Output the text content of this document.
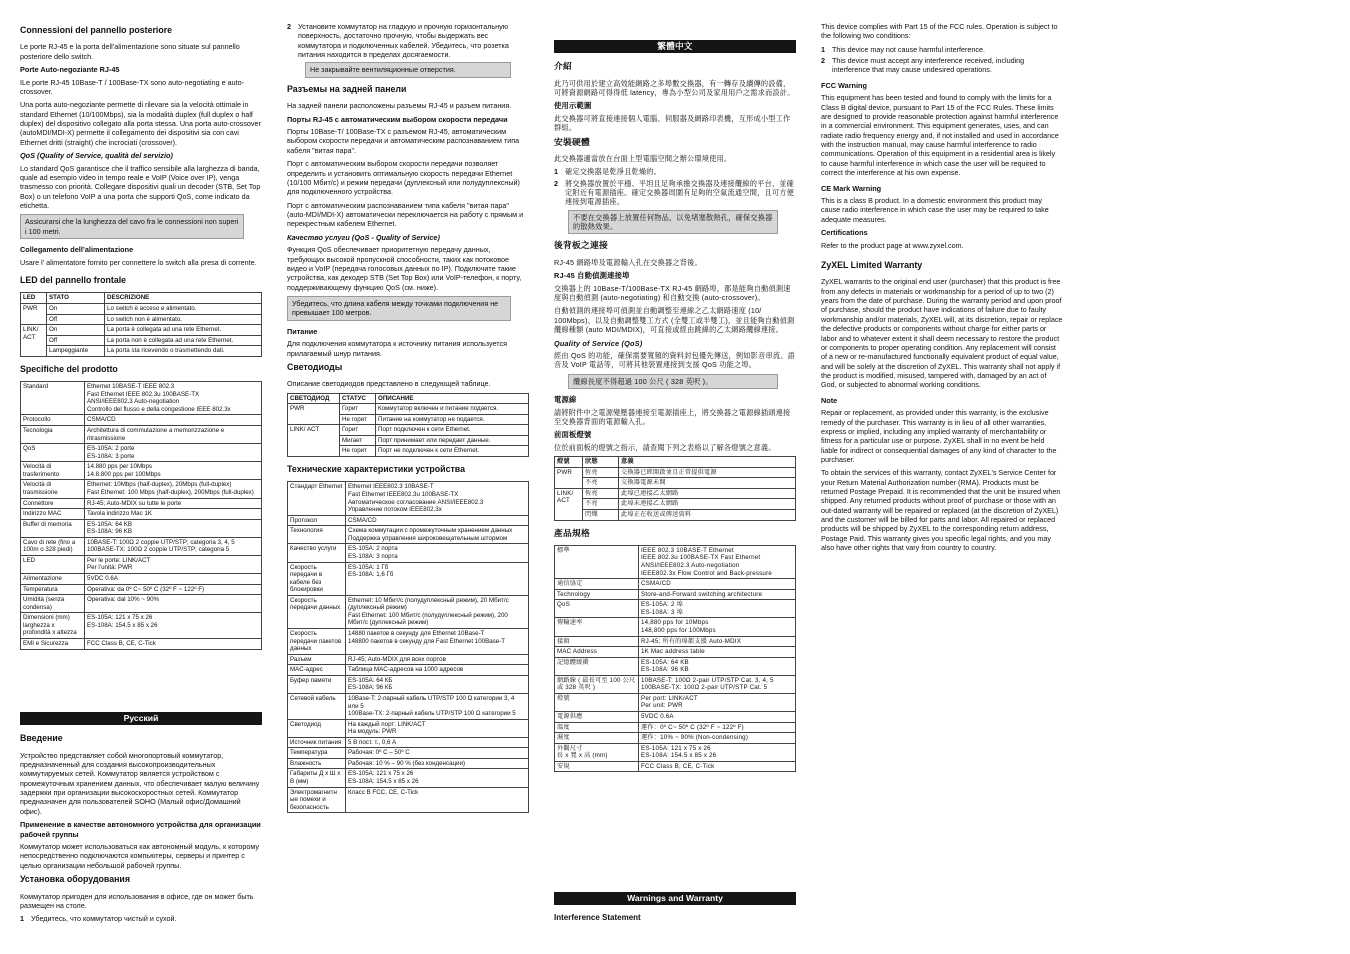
Connessioni del pannello posteriore

Le porte RJ-45 e la porta dell’alimentazione sono situate sul pannello posteriore dello switch.

Porte Auto-negoziante RJ-45

ILe porte RJ-45 10Base-T / 100Base-TX sono auto-negotiating e auto-crossover.

Una porta auto-negoziante permette di rilevare sia la velocità ottimale in standard Ethernet (10/100Mbps), sia la modalità duplex (full duplex o half duplex) del dispositivo collegato alla porta stessa. Una porta auto-crossover (autoMDI/MDI-X) permette il collegamento dei dispositivi sia con cavi Ethernet dritti (straight) che incrociati (crossover).

QoS (Quality of Service, qualità del servizio)

Lo standard QoS garantisce che il traffico sensibile alla larghezza di banda, quale ad esempio video in tempo reale e VoIP (Voice over IP), venga trasmesso con priorità. Collegare dispositivi quali un decoder (STB, Set Top Box) o un telefono VoIP a una porta che supporti QoS, come indicato da etichetta.

Assicurarsi che la lunghezza del cavo fra le connessioni non superi i 100 metri.
Collegamento dell’alimentazione

Usare l’ alimentatore fornito per connettere lo switch alla presa di corrente.

LED del pannello frontale
LED	STATO	DESCRIZIONE
PWR	On	Lo switch è acceso e alimentato.
	Off	Lo switch non è alimentato.
LINK/
ACT	On	La porta è collegata ad una rete Ethernet.
	Off	La porta non è collegata ad una rete Ethernet.
	Lampeggiante	La porta sta ricevendo o trasmettendo dati.
Specifiche del prodotto
Standard	Ethernet 10BASE-T IEEE 802.3
Fast Ethernet IEEE 802.3u 100BASE-TX
ANSI/IEEE802.3 Auto-negotiation
Controllo del flusso e della congestione IEEE 802.3x
Protocollo	CSMA/CD
Tecnologia	Architettura di commutazione a memorizzazione e ritrasmissione
QoS	ES-105A: 2 porte
ES-108A: 3 porte
Velocità di trasferimento	14.880 pps per 10Mbps
14.8.800 pps per 100Mbps
Velocità di trasmissione	Ethernet: 10Mbps (half-duplex), 20Mbps (full-duplex)
Fast Ethernet: 100 Mbps (half-duplex), 200Mbps (full-duplex)
Connettore	RJ-45; Auto-MDIX su tutte le porte
Indirizzo MAC	Tavola indirizzo Mac 1K
Buffer di memoria	ES-105A: 64 KB
ES-108A: 96 KB
Cavo di rete (fino a 100m o 328 piedi)	10BASE-T: 100Ω 2 coppie UTP/STP; categoria 3, 4, 5
100BASE-TX: 100Ω 2 coppie UTP/STP; categoria 5
LED	Per le porte: LINK/ACT
Per l’unità: PWR
Alimentazione	5VDC 0.6A
Temperatura	Operativa: da 0º C~ 50º C (32º F ~ 122º F)
Umidità (senza condensa)	Operativa: dal 10% ~ 90%
Dimensioni (mm) larghezza x profondità x altezza	ES-105A: 121 x 75 x 26
ES-108A: 154.5 x 85 x 26
EMI e Sicurezza	FCC Class B, CE, C-Tick
Русский
Введение

Устройство представляет собой многопортовый коммутатор, предназначенный для создания высокопроизводительных коммутируемых сетей. Коммутатор является устройством с промежуточным хранением данных, что обеспечивает малую величину задержки при организации высокоскоростных сетей. Коммутатор предназначен для пользователей SOHO (Малый офис/Домашний офис).

Применение в качестве автономного устройства для организации рабочей группы

Коммутатор может использоваться как автономный модуль, к которому непосредственно подключаются компьютеры, серверы и принтер с целью организации небольшой рабочей группы.

Установка оборудования

Коммутатор пригоден для использования в офисе, где он может быть размещен на столе.

1 Убедитесь, что коммутатор чистый и сухой.
2 Установите коммутатор на гладкую и прочную горизонтальную поверхность, достаточно прочную, чтобы выдержать вес коммутатора и подключенных кабелей. Убедитесь, что розетка питания находится в пределах досягаемости.
Не закрывайте вентиляционные отверстия.
Разъемы на задней панели

На задней панели расположены разъемы RJ-45 и разъем питания.

Порты RJ-45 с автоматическим выбором скорости передачи

Порты 10Base-T/ 100Base-TX с разъемом RJ-45, автоматическим выбором скорости передачи и автоматическим распознаванием типа кабеля "витая пара".

Порт с автоматическим выбором скорости передачи позволяет определить и установить оптимальную скорость передачи Ethernet (10/100 Мбит/с) и режим передачи (дуплексный или полудуплексный) для подключенного устройства.

Порт с автоматическим распознаванием типа кабеля "витая пара" (auto-MDI/MDI-X) автоматически переключается на работу с прямым и перекрестным кабелем Ethernet.

Качество услуги (QoS - Quality of Service)

Функция QoS обеспечивает приоритетную передачу данных, требующих высокой пропускной способности, таких как потоковое видео и VoIP (передача голосовых данных по IP). Подключите такие устройства, как декодер STB (Set Top Box) или VoIP-телефон, к порту, поддерживающему функцию QoS (см. ниже).

Убедитесь, что длина кабеля между точками подключения не превышает 100 метров.
Питание

Для подключения коммутатора к источнику питания используется прилагаемый шнур питания.

Светодиоды

Описание светодиодов представлено в следующей таблице.

СВЕТОДИОД	СТАТУС	ОПИСАНИЕ
PWR	Горит	Коммутатор включен и питание подается.
	Не горит	Питание на коммутатор не подается.
LINK/ ACT	Горит	Порт подключен к сети Ethernet.
	Мигает	Порт принимает или передает данные.
	Не горит	Порт не подключен к сети Ethernet.
Технические характеристики устройства
Стандарт Ethernet	Ethernet IEEE802.3 10BASE-T
Fast Ethernet IEEE802.3u 100BASE-TX
Автоматическое согласование ANSI/IEEE802.3
Управление потоком IEEE802.3x
Протокол	CSMA/CD
Технология	Схема коммутации с промежуточным хранением данных
Поддержка управления широковещательным штормом
Качество услуги	ES-105A: 2 порта
ES-108A: 3 порта
Скорость передачи в кабеле без блокировки	ES-105A: 1 Гб
ES-108A: 1,6 Гб
Скорость передачи данных	Ethernet: 10 Мбит/с (полудуплексный режим), 20 Мбит/с (дуплексный режим)
Fast Ethernet: 100 Мбит/с (полудуплексный режим), 200 Мбит/с (дуплексный режим)
Скорость передачи пакетов данных	14880 пакетов в секунду для Ethernet 10Base-T
148800 пакетов в секунду для Fast Ethernet 100Base-T
Разъем	RJ-45; Auto-MDIX для всех портов
MAC-адрес	Таблица MAC-адресов на 1000 адресов
Буфер памяти	ES-105A: 64 КБ
ES-108A: 96 КБ
Сетевой кабель	10Base-T: 2-парный кабель UTP/STP 100 Ω категории 3, 4 или 5
100Base-TX: 2-парный кабель UTP/STP 100 Ω категории 5
Светодиод	На каждый порт: LINK/ACT
На модуль: PWR
Источник питания	5 В пост. т., 0,6 А
Температура	Рабочая: 0º C – 50º C
Влажность	Рабочая: 10 % – 90 % (без конденсации)
Габариты Д x Ш x В (мм)	ES-105A: 121 x 75 x 26
ES-108A: 154.5 x 85 x 26
Электромагнитн ые помехи и безопасность	Класс B FCC, CE, C-Tick
繁體中文
介紹

此乃可供用於建立高效能網路之多埠數交換器，有一轉存及續傳的設備，可將資源網路可得得低 latency，專為小型公司及家用用戶之需求而設計。

使用示範圖

此交換器可將直接連接個人電腦、伺服器及網路印表機，互形成小型工作群組。

安裝硬體

此交換器適當放在台面上型電腦空間之辦公環境使用。

1 確定交換器是乾淨且乾燥的。
2 將交換器放置於平穩、平坦且足夠承擔交換器及連接纜線的平台，並確定附近有電源插座。確定交換器周圍有足夠的空氣流通空間，且可方便連接到電源插座。
不要在交換器上放置任何物品，以免堵塞散熱孔，確保交換器的散熱效果。
後背板之連接

RJ-45 網路埠及電源輸入孔在交換器之背後。

RJ-45 自動偵測連接埠

交換器上的 10Base-T/100Base-TX RJ-45 網路埠，都是能夠自動偵測速度與自動偵測 (auto-negotiating) 和自動交換 (auto-crossover)。

自動偵測的連接埠可偵測並自動調整至連線之乙太網路速度 (10/ 100Mbps)、以及自動調整雙工方式 (全雙工或半雙工)，並且能夠自動偵測纜線種類 (auto MDI/MDIX)，可直接或經由跳線的乙太網路纜線連接。

Quality of Service (QoS)

經由 QoS 的功能，確保需要寬頻的資料封包優先傳送，例如影音串流、語音及 VoIP 電話等，可將其他裝置連接到支援 QoS 功能之埠。

纜線長度不得超過 100 公尺 ( 328 英呎 )。
電源線

請將附件中之電源變壓器連接至電源插座上，將交換器之電源線插頭連接至交換器背面的電源輸入孔。

前面板燈號

位於前面板的燈號之指示，請查閱下列之表格以了解各燈號之意義。

燈號	狀態	意義
PWR	恆亮	交換器已經開啟並且正常提供電源
	不亮	交換器電源未開
LINK/
ACT	恆亮	此埠已連接乙太網路
	不亮	此埠未連接乙太網路
	閃爍	此埠正在收送或傳送資料
產品規格
標準	IEEE 802.3 10BASE-T Ethernet
IEEE 802.3u 100BASE-TX Fast Ethernet
ANSI/IEEE802.3 Auto-negotiation
IEEE802.3x Flow Control and Back-pressure
通信協定	CSMA/CD
Technology	Store-and-Forward switching architecture
QoS	ES-105A: 2 埠
ES-108A: 3 埠
傳輸速率	14,880 pps for 10Mbps
148,800 pps for 100Mbps
接頭	RJ-45; 所有的埠都支援 Auto-MDIX
MAC Address	1K Mac address table
記憶體緩衝	ES-105A: 64 KB
ES-108A: 96 KB
網路線 ( 最長可至 100 公尺或 328 英呎 )	10BASE-T: 100Ω 2-pair UTP/STP Cat. 3, 4, 5
100BASE-TX: 100Ω 2-pair UTP/STP Cat. 5
燈號	Per port: LINK/ACT
Per unit: PWR
電源供應	5VDC 0.6A
溫度	運作：0º C~ 50º C (32º F ~ 122º F)
濕度	運作：10% ~ 90% (Non-condensing)
外觀尺寸
長 x 寬 x 高 (mm)	ES-105A: 121 x 75 x 26
ES-108A: 154.5 x 85 x 26
安規	FCC Class B, CE, C-Tick
Warnings and Warranty
Interference Statement

This device complies with Part 15 of the FCC rules. Operation is subject to the following two conditions:

1 This device may not cause harmful interference.
2 This device must accept any interference received, including interference that may cause undesired operations.
FCC Warning

This equipment has been tested and found to comply with the limits for a Class B digital device, pursuant to Part 15 of the FCC Rules. These limits are designed to provide reasonable protection against harmful interference in a commercial environment. This equipment generates, uses, and can radiate radio frequency energy and, if not installed and used in accordance with the instruction manual, may cause harmful interference to radio communications. Operation of this equipment in a residential area is likely to cause harmful interference in which case the user will be required to correct the interference at his own expense.

CE Mark Warning

This is a class B product. In a domestic environment this product may cause radio interference in which case the user may be required to take adequate measures.

Certifications

Refer to the product page at www.zyxel.com.

ZyXEL Limited Warranty

ZyXEL warrants to the original end user (purchaser) that this product is free from any defects in materials or workmanship for a period of up to two (2) years from the date of purchase. During the warranty period and upon proof of purchase, should the product have indications of failure due to faulty workmanship and/or materials, ZyXEL will, at its discretion, repair or replace the defective products or components without charge for either parts or labor and to whatever extent it shall deem necessary to restore the product or components to proper operating condition. Any replacement will consist of a new or re-manufactured functionally equivalent product of equal value, and will be solely at the discretion of ZyXEL. This warranty shall not apply if the product is modified, misused, tampered with, damaged by an act of God, or subjected to abnormal working conditions.

Note

Repair or replacement, as provided under this warranty, is the exclusive remedy of the purchaser. This warranty is in lieu of all other warranties, express or implied, including any implied warranty of merchantability or fitness for a particular use or purpose. ZyXEL shall in no event be held liable for indirect or consequential damages of any kind of character to the purchaser.

To obtain the services of this warranty, contact ZyXEL's Service Center for your Return Material Authorization number (RMA). Products must be returned Postage Prepaid. It is recommended that the unit be insured when shipped. Any returned products without proof of purchase or those with an out-dated warranty will be repaired or replaced (at the discretion of ZyXEL) and the customer will be billed for parts and labor. All repaired or replaced products will be shipped by ZyXEL to the corresponding return address, Postage Paid. This warranty gives you specific legal rights, and you may also have other rights that vary from country to country.
